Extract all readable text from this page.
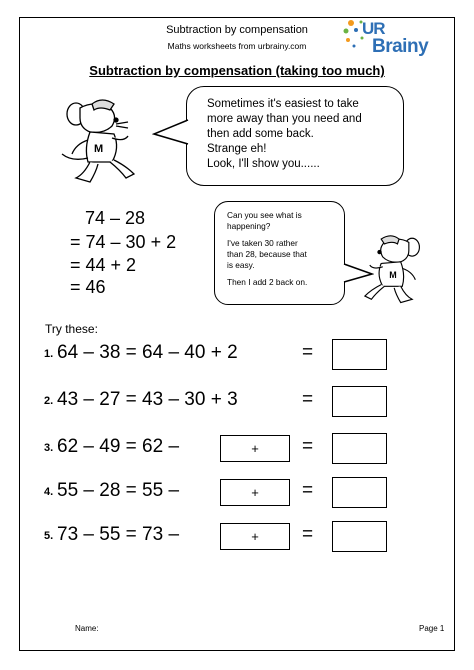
Subtraction by compensation
Maths worksheets from urbrainy.com
UR
Brainy
Subtraction by compensation (taking too much)
M

Sometimes it's easiest to take

more away than you need and

then add some back.

Strange eh!

Look, I'll show you......

74 – 28
= 74 – 30 + 2
= 44 + 2
= 46

Can you see what is

happening?

I've taken 30 rather

than 28, because that

is easy.

Then I add 2 back on.

M
Try these:
1. 64 – 38 = 64 – 40 + 2	=
2. 43 – 27 = 43 – 30 + 3	=
3. 62 – 49 = 62 –	+	=
4. 55 – 28 = 55 –	+	=
5. 73 – 55 = 73 –	+	=
Name:	Page 1
